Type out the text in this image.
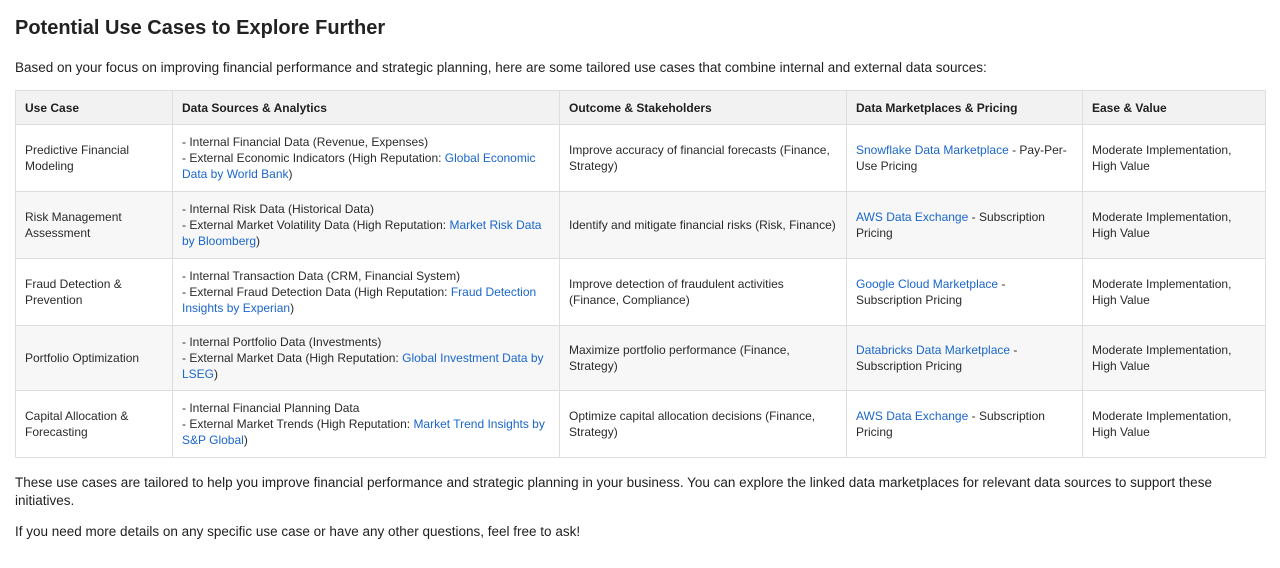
Potential Use Cases to Explore Further

Based on your focus on improving financial performance and strategic planning, here are some tailored use cases that combine internal and external data sources:

Use Case	Data Sources & Analytics	Outcome & Stakeholders	Data Marketplaces & Pricing	Ease & Value
Predictive Financial Modeling	- Internal Financial Data (Revenue, Expenses)
- External Economic Indicators (High Reputation: Global Economic Data by World Bank)	Improve accuracy of financial forecasts (Finance, Strategy)	Snowflake Data Marketplace - Pay-Per-Use Pricing	Moderate Implementation, High Value
Risk Management Assessment	- Internal Risk Data (Historical Data)
- External Market Volatility Data (High Reputation: Market Risk Data by Bloomberg)	Identify and mitigate financial risks (Risk, Finance)	AWS Data Exchange - Subscription Pricing	Moderate Implementation, High Value
Fraud Detection & Prevention	- Internal Transaction Data (CRM, Financial System)
- External Fraud Detection Data (High Reputation: Fraud Detection Insights by Experian)	Improve detection of fraudulent activities (Finance, Compliance)	Google Cloud Marketplace - Subscription Pricing	Moderate Implementation, High Value
Portfolio Optimization	- Internal Portfolio Data (Investments)
- External Market Data (High Reputation: Global Investment Data by LSEG)	Maximize portfolio performance (Finance, Strategy)	Databricks Data Marketplace - Subscription Pricing	Moderate Implementation, High Value
Capital Allocation & Forecasting	- Internal Financial Planning Data
- External Market Trends (High Reputation: Market Trend Insights by S&P Global)	Optimize capital allocation decisions (Finance, Strategy)	AWS Data Exchange - Subscription Pricing	Moderate Implementation, High Value

These use cases are tailored to help you improve financial performance and strategic planning in your business. You can explore the linked data marketplaces for relevant data sources to support these initiatives.

If you need more details on any specific use case or have any other questions, feel free to ask!
